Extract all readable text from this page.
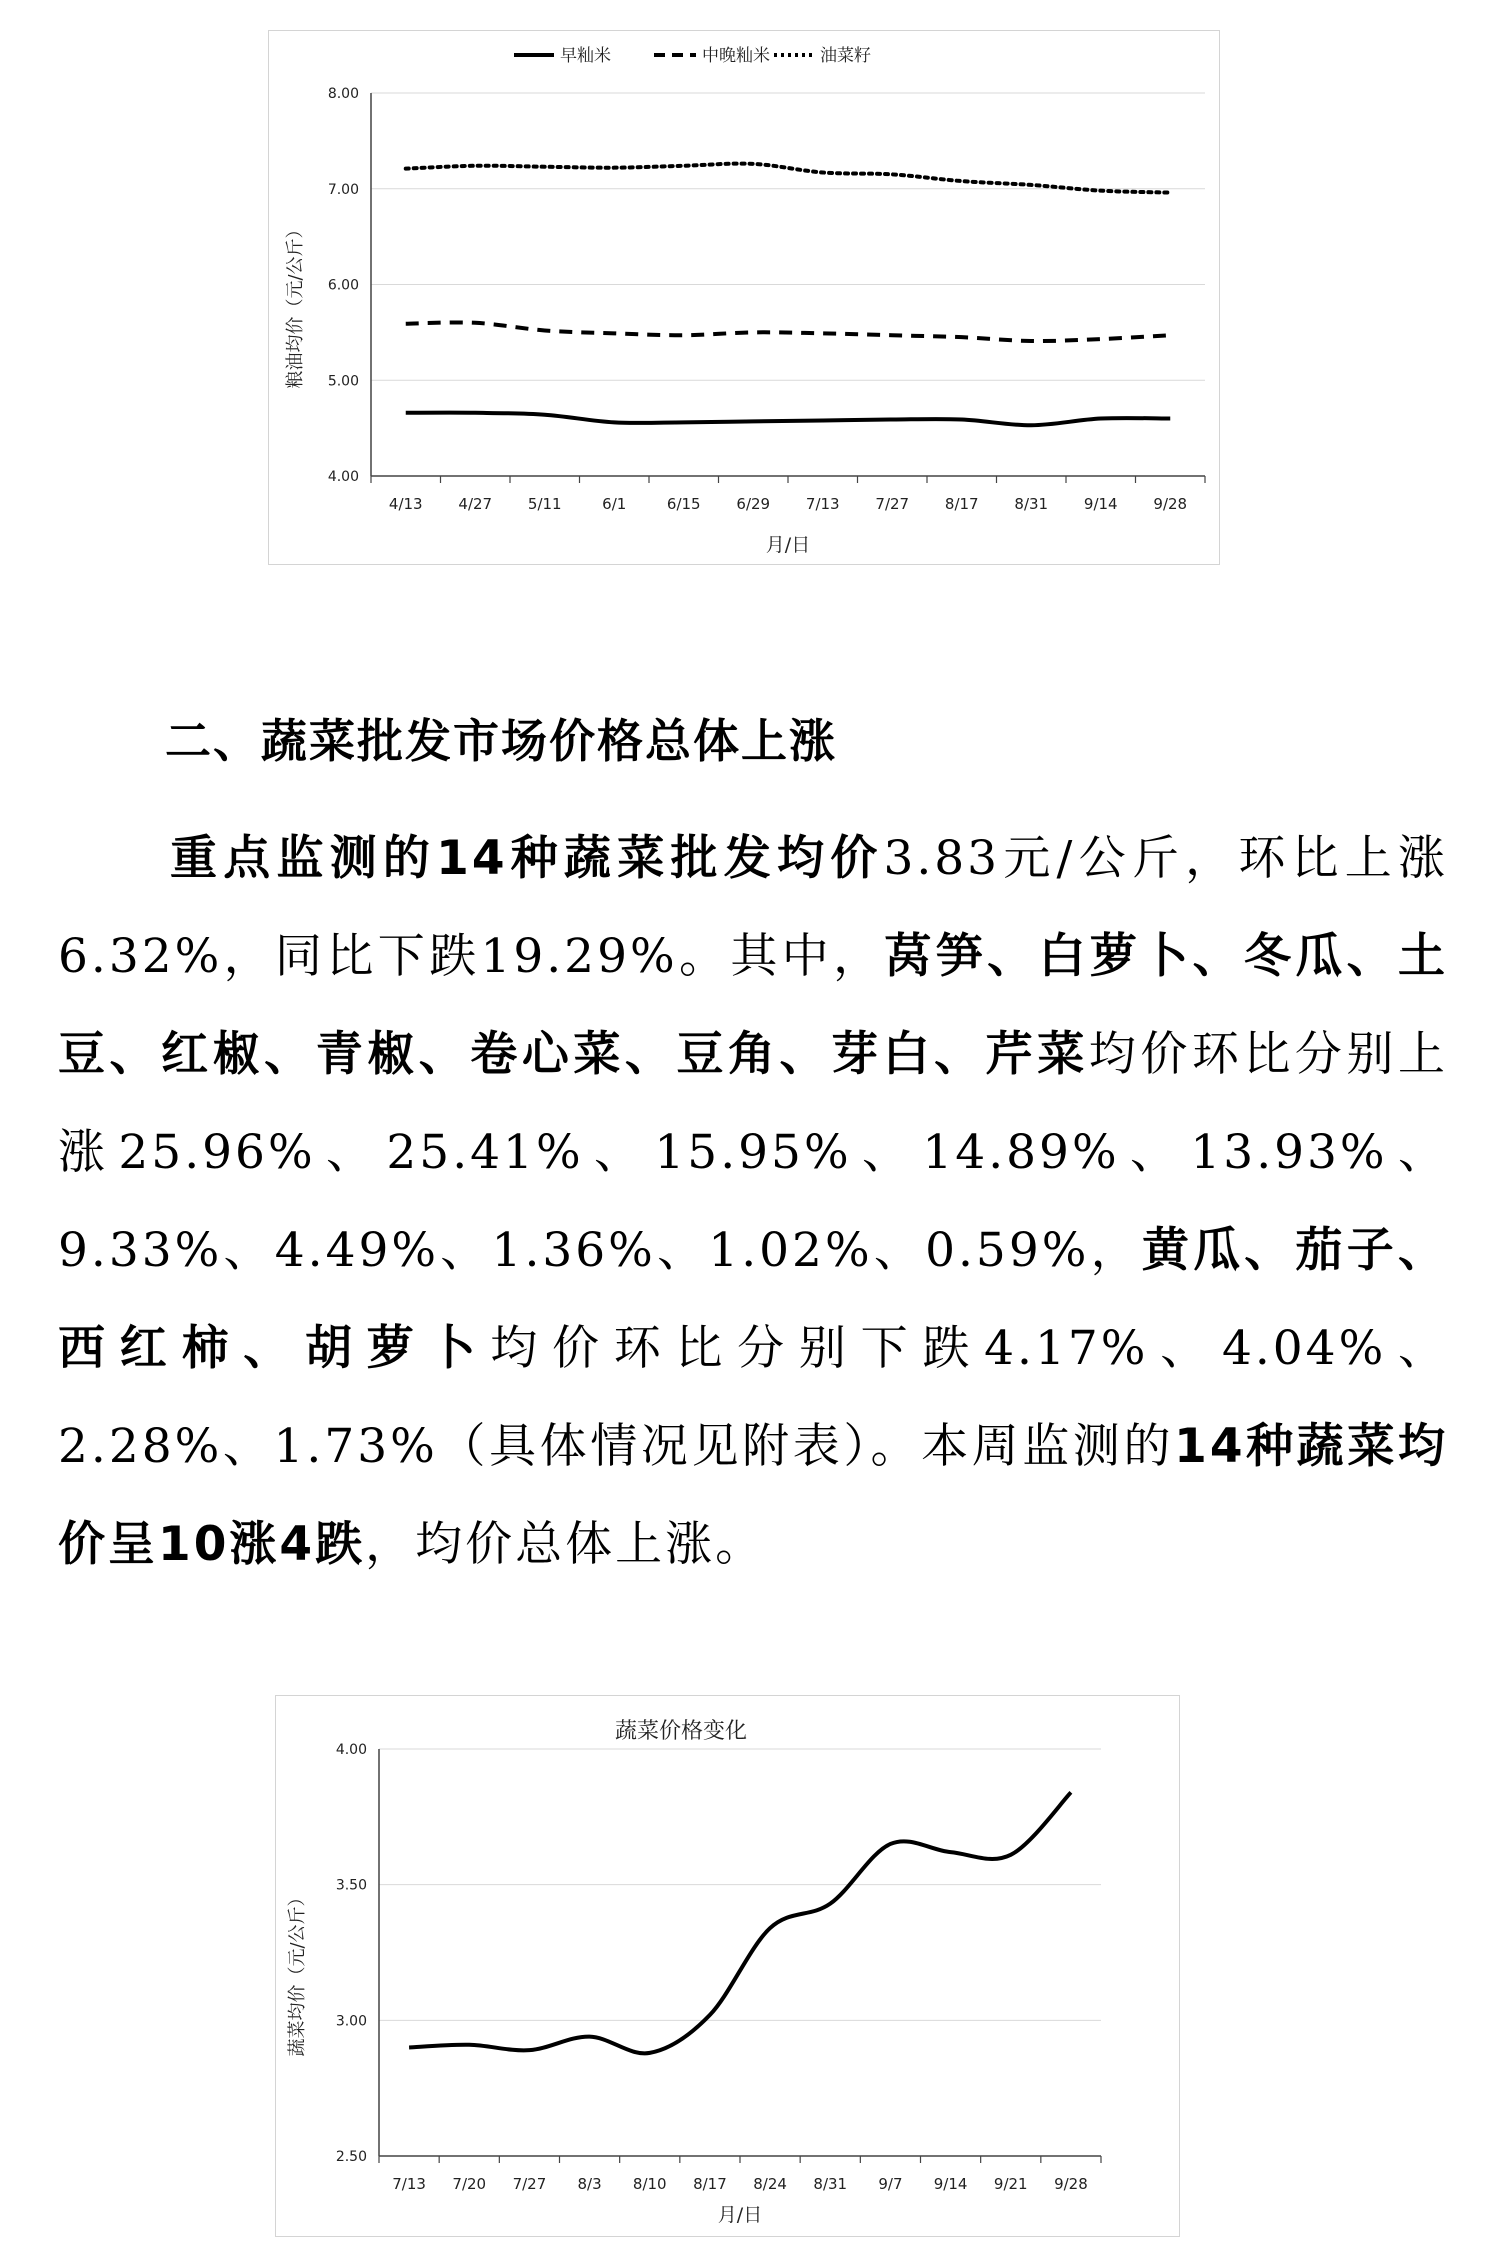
4.00
5.00
6.00
7.00
8.00
4/13 4/27 5/11	6/1	6/15 6/29 7/13 7/27 8/17 8/31 9/14 9/28
月/日
粮油均价（元/公斤）
早籼米	中晚籼米	油菜籽
二、蔬菜批发市场价格总体上涨

重点监测的14种蔬菜批发均价3.83元/公斤，环比上涨6.32%，同比下跌19.29%。其中，莴笋、白萝卜、冬瓜、土豆、红椒、青椒、卷心菜、豆角、芽白、芹菜均价环比分别上涨25.96%、25.41%、15.95%、14.89%、13.93%、9.33%、4.49%、1.36%、1.02%、0.59%，黄瓜、茄子、西红柿、胡萝卜均价环比分别下跌4.17%、4.04%、2.28%、1.73%（具体情况见附表）。本周监测的14种蔬菜均价呈10涨4跌，均价总体上涨。

2.50
3.00
3.50
4.00
7/13 7/20 7/27 8/3 8/10 8/17 8/24 8/31 9/7 9/14 9/21 9/28
月/日
蔬菜均价（元/公斤）
蔬菜价格变化
